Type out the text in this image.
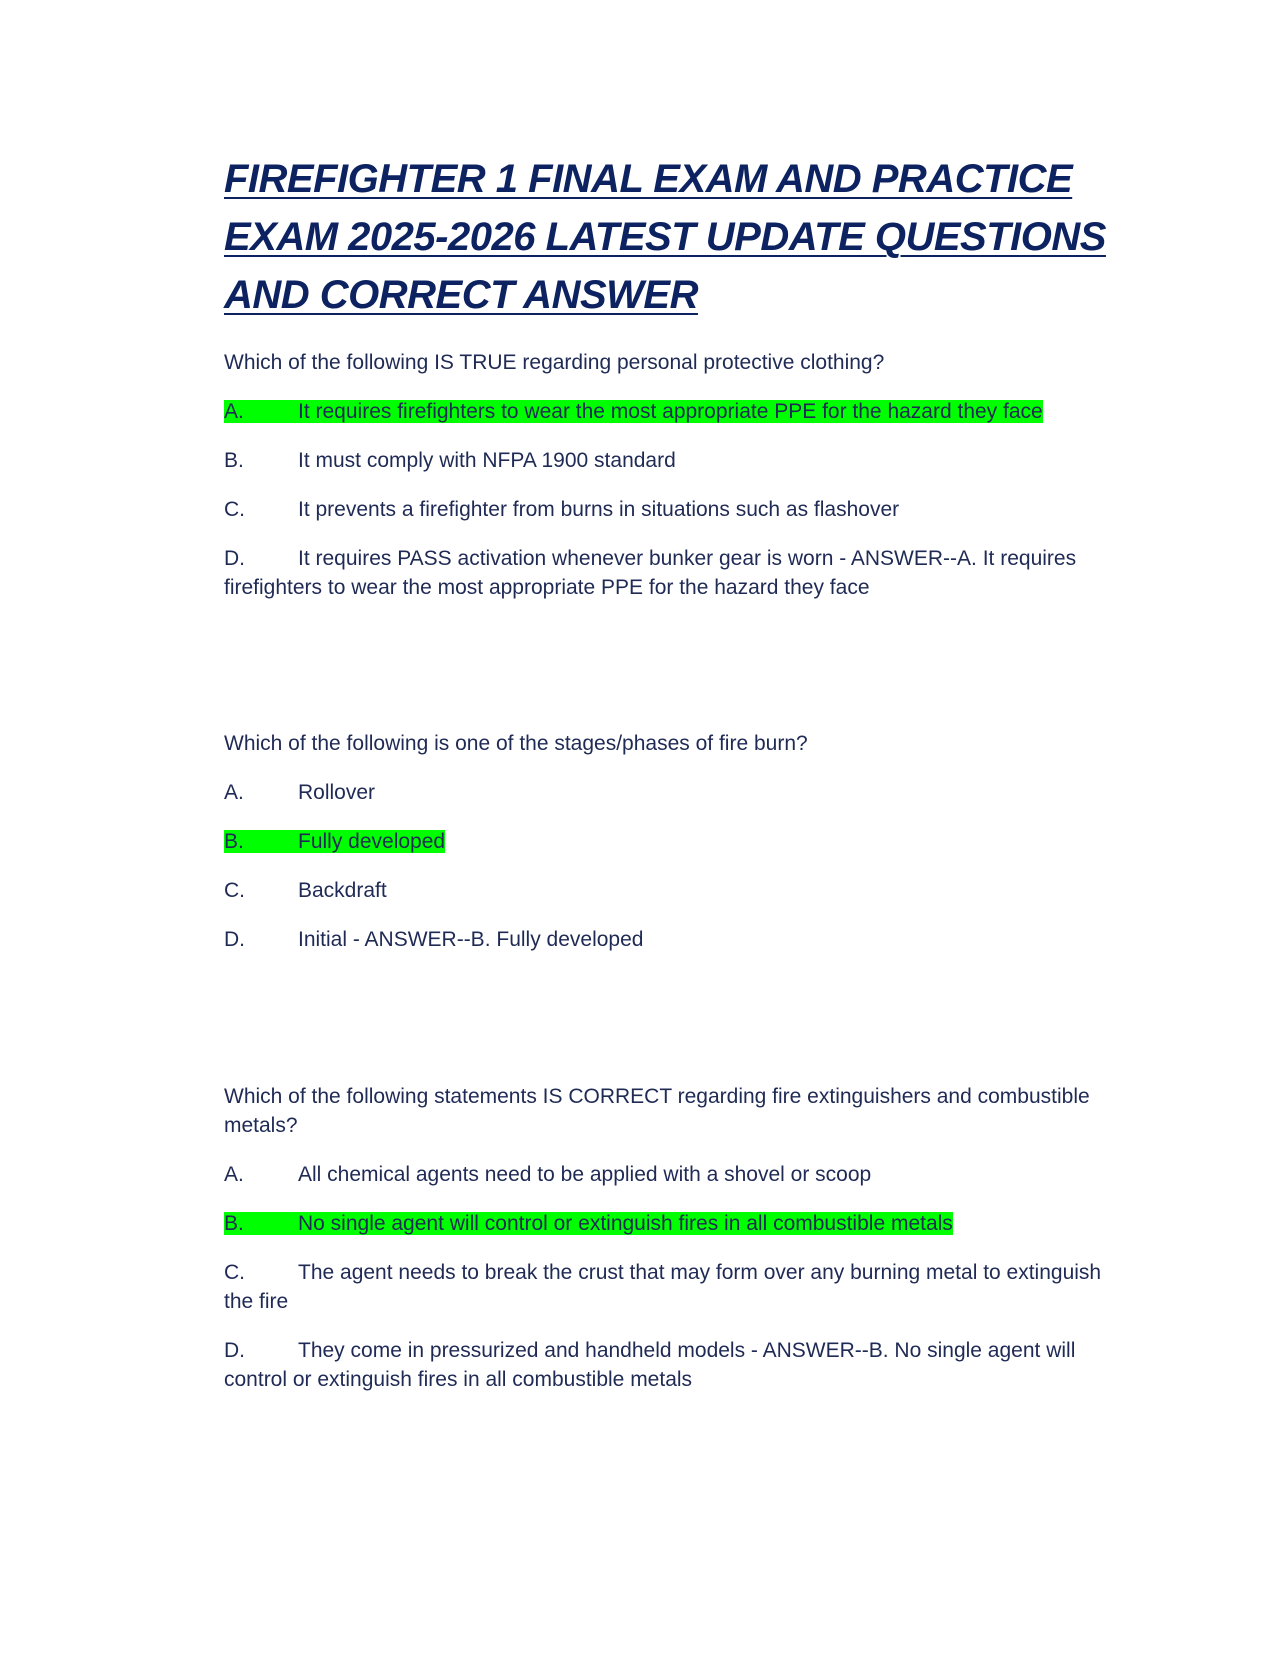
FIREFIGHTER 1 FINAL EXAM AND PRACTICE EXAM 2025-2026 LATEST UPDATE QUESTIONS AND CORRECT ANSWER

Which of the following IS TRUE regarding personal protective clothing?

A.	It requires firefighters to wear the most appropriate PPE for the hazard they face

B.	It must comply with NFPA 1900 standard

C.	It prevents a firefighter from burns in situations such as flashover

D.	It requires PASS activation whenever bunker gear is worn - ANSWER--A. It requires firefighters to wear the most appropriate PPE for the hazard they face

Which of the following is one of the stages/phases of fire burn?

A.	Rollover

B.	Fully developed

C.	Backdraft

D.	Initial - ANSWER--B. Fully developed

Which of the following statements IS CORRECT regarding fire extinguishers and combustible metals?

A.	All chemical agents need to be applied with a shovel or scoop

B.	No single agent will control or extinguish fires in all combustible metals

C.	The agent needs to break the crust that may form over any burning metal to extinguish the fire

D.	They come in pressurized and handheld models - ANSWER--B. No single agent will control or extinguish fires in all combustible metals
